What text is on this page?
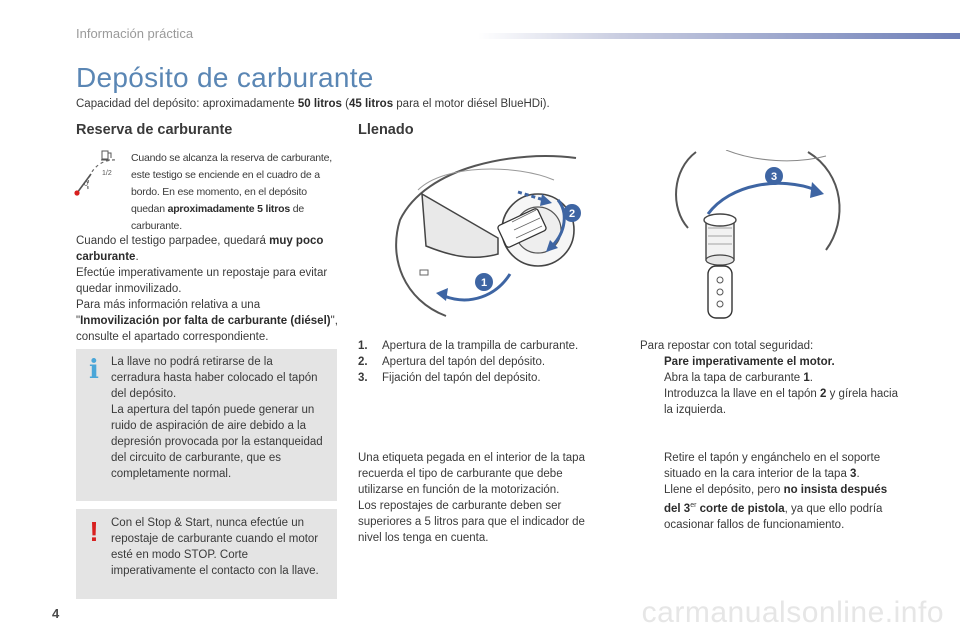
Información práctica
Depósito de carburante
Capacidad del depósito: aproximadamente 50 litros (45 litros para el motor diésel BlueHDi).
Reserva de carburante
1/2
0
Cuando se alcanza la reserva de carburante, este testigo se enciende en el cuadro de a bordo. En ese momento, en el depósito quedan aproximadamente 5 litros de carburante.
Cuando el testigo parpadee, quedará muy poco carburante.
Efectúe imperativamente un repostaje para evitar quedar inmovilizado.
Para más información relativa a una "Inmovilización por falta de carburante (diésel)", consulte el apartado correspondiente.
i La llave no podrá retirarse de la cerradura hasta haber colocado el tapón del depósito.
La apertura del tapón puede generar un ruido de aspiración de aire debido a la depresión provocada por la estanqueidad del circuito de carburante, que es completamente normal.
! Con el Stop & Start, nunca efectúe un repostaje de carburante cuando el motor esté en modo STOP. Corte imperativamente el contacto con la llave.
Llenado
2
1
1.	Apertura de la trampilla de carburante.
2.	Apertura del tapón del depósito.
3.	Fijación del tapón del depósito.
Una etiqueta pegada en el interior de la tapa recuerda el tipo de carburante que debe utilizarse en función de la motorización.
Los repostajes de carburante deben ser superiores a 5 litros para que el indicador de nivel los tenga en cuenta.
3
Para repostar con total seguridad:
Pare imperativamente el motor.
Abra la tapa de carburante 1.
Introduzca la llave en el tapón 2 y gírela hacia la izquierda.
Retire el tapón y engánchelo en el soporte situado en la cara interior de la tapa 3.
Llene el depósito, pero no insista después del 3er corte de pistola, ya que ello podría ocasionar fallos de funcionamiento.
4	carmanualsonline.info
